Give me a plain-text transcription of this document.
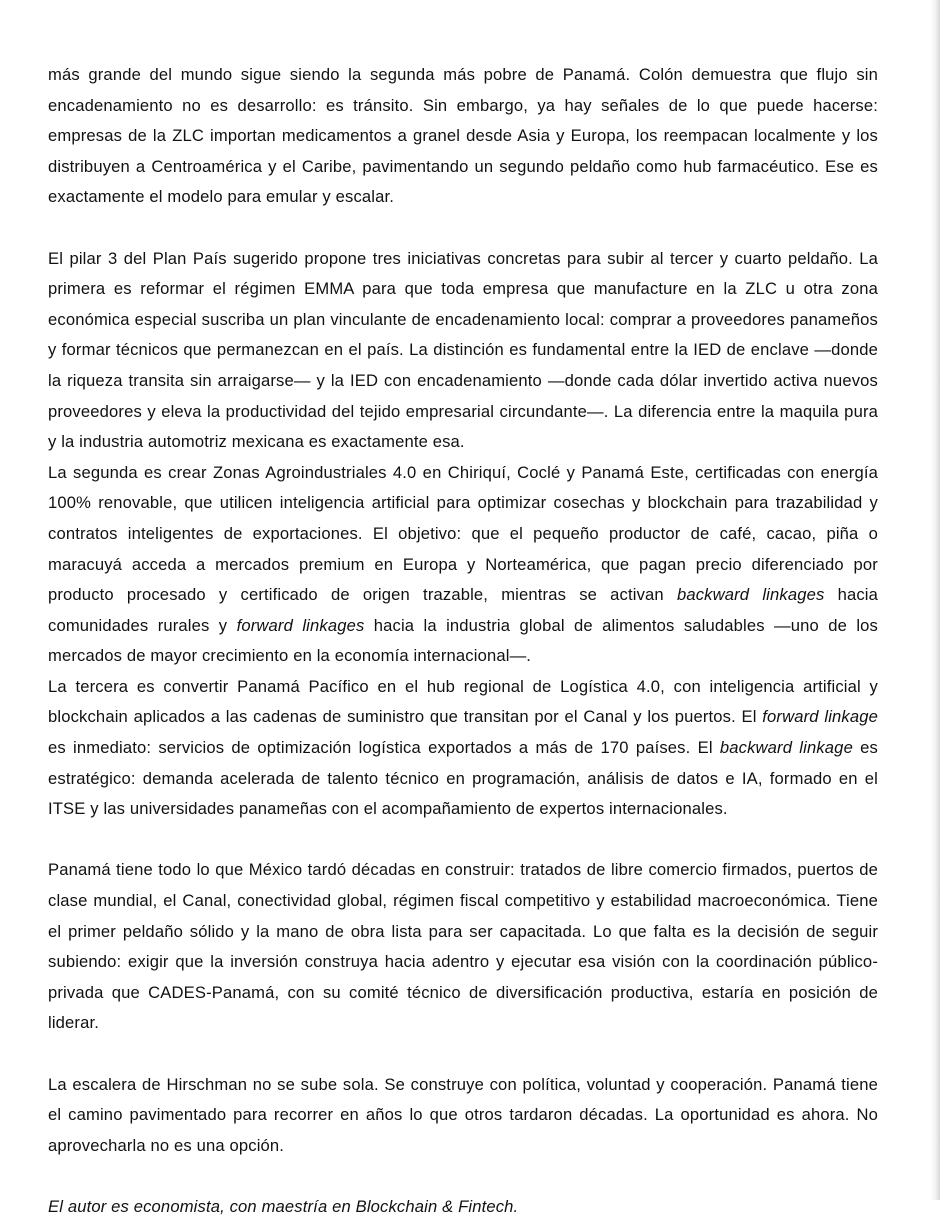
más grande del mundo sigue siendo la segunda más pobre de Panamá. Colón demuestra que flujo sin encadenamiento no es desarrollo: es tránsito. Sin embargo, ya hay señales de lo que puede hacerse: empresas de la ZLC importan medicamentos a granel desde Asia y Europa, los reempacan localmente y los distribuyen a Centroamérica y el Caribe, pavimentando un segundo peldaño como hub farmacéutico. Ese es exactamente el modelo para emular y escalar.

El pilar 3 del Plan País sugerido propone tres iniciativas concretas para subir al tercer y cuarto peldaño. La primera es reformar el régimen EMMA para que toda empresa que manufacture en la ZLC u otra zona económica especial suscriba un plan vinculante de encadenamiento local: comprar a proveedores panameños y formar técnicos que permanezcan en el país. La distinción es fundamental entre la IED de enclave —donde la riqueza transita sin arraigarse— y la IED con encadenamiento —donde cada dólar invertido activa nuevos proveedores y eleva la productividad del tejido empresarial circundante—. La diferencia entre la maquila pura y la industria automotriz mexicana es exactamente esa.

La segunda es crear Zonas Agroindustriales 4.0 en Chiriquí, Coclé y Panamá Este, certificadas con energía 100% renovable, que utilicen inteligencia artificial para optimizar cosechas y blockchain para trazabilidad y contratos inteligentes de exportaciones. El objetivo: que el pequeño productor de café, cacao, piña o maracuyá acceda a mercados premium en Europa y Norteamérica, que pagan precio diferenciado por producto procesado y certificado de origen trazable, mientras se activan backward linkages hacia comunidades rurales y forward linkages hacia la industria global de alimentos saludables —uno de los mercados de mayor crecimiento en la economía internacional—.

La tercera es convertir Panamá Pacífico en el hub regional de Logística 4.0, con inteligencia artificial y blockchain aplicados a las cadenas de suministro que transitan por el Canal y los puertos. El forward linkage es inmediato: servicios de optimización logística exportados a más de 170 países. El backward linkage es estratégico: demanda acelerada de talento técnico en programación, análisis de datos e IA, formado en el ITSE y las universidades panameñas con el acompañamiento de expertos internacionales.

Panamá tiene todo lo que México tardó décadas en construir: tratados de libre comercio firmados, puertos de clase mundial, el Canal, conectividad global, régimen fiscal competitivo y estabilidad macroeconómica. Tiene el primer peldaño sólido y la mano de obra lista para ser capacitada. Lo que falta es la decisión de seguir subiendo: exigir que la inversión construya hacia adentro y ejecutar esa visión con la coordinación público-privada que CADES-Panamá, con su comité técnico de diversificación productiva, estaría en posición de liderar.

La escalera de Hirschman no se sube sola. Se construye con política, voluntad y cooperación. Panamá tiene el camino pavimentado para recorrer en años lo que otros tardaron décadas. La oportunidad es ahora. No aprovecharla no es una opción.

El autor es economista, con maestría en Blockchain & Fintech.
